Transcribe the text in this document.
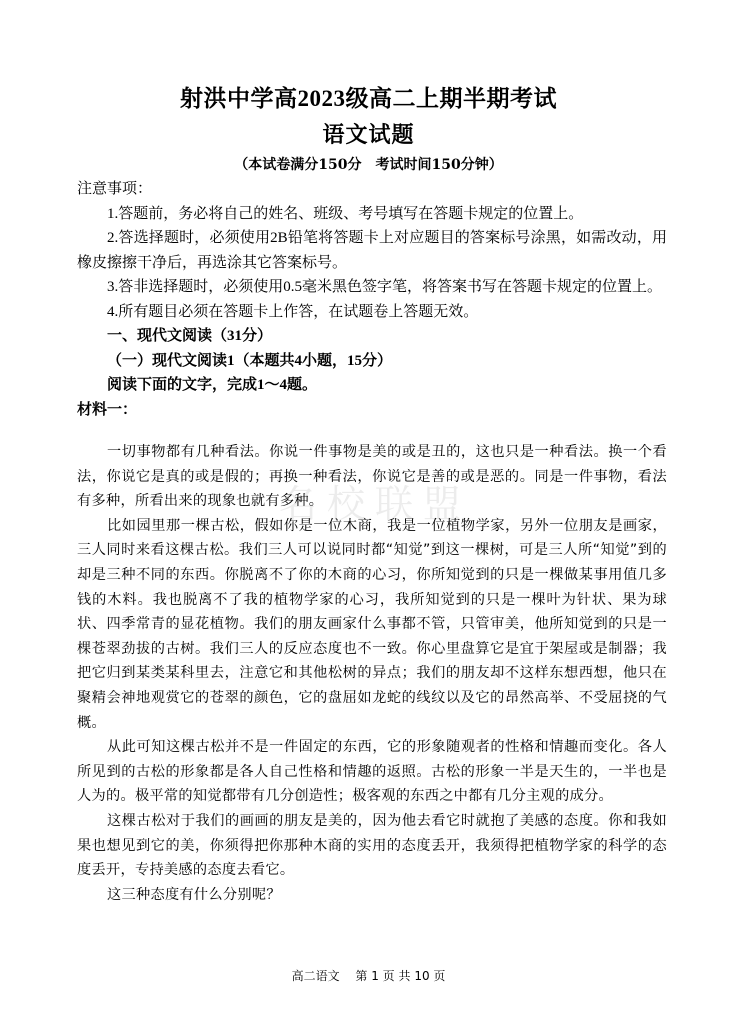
射洪中学高2023级高二上期半期考试
语文试题
（本试卷满分150分　考试时间150分钟）

注意事项：

1.答题前，务必将自己的姓名、班级、考号填写在答题卡规定的位置上。

2.答选择题时，必须使用2B铅笔将答题卡上对应题目的答案标号涂黑，如需改动，用橡皮擦擦干净后，再选涂其它答案标号。

3.答非选择题时，必须使用0.5毫米黑色签字笔，将答案书写在答题卡规定的位置上。

4.所有题目必须在答题卡上作答，在试题卷上答题无效。

一、现代文阅读（31分）

（一）现代文阅读1（本题共4小题，15分）

阅读下面的文字，完成1～4题。

材料一：

名校联盟

一切事物都有几种看法。你说一件事物是美的或是丑的，这也只是一种看法。换一个看法，你说它是真的或是假的；再换一种看法，你说它是善的或是恶的。同是一件事物，看法有多种，所看出来的现象也就有多种。

比如园里那一棵古松，假如你是一位木商，我是一位植物学家，另外一位朋友是画家，三人同时来看这棵古松。我们三人可以说同时都“知觉”到这一棵树，可是三人所“知觉”到的却是三种不同的东西。你脱离不了你的木商的心习，你所知觉到的只是一棵做某事用值几多钱的木料。我也脱离不了我的植物学家的心习，我所知觉到的只是一棵叶为针状、果为球状、四季常青的显花植物。我们的朋友画家什么事都不管，只管审美，他所知觉到的只是一棵苍翠劲拔的古树。我们三人的反应态度也不一致。你心里盘算它是宜于架屋或是制器；我把它归到某类某科里去，注意它和其他松树的异点；我们的朋友却不这样东想西想，他只在聚精会神地观赏它的苍翠的颜色，它的盘屈如龙蛇的线纹以及它的昂然高举、不受屈挠的气概。

从此可知这棵古松并不是一件固定的东西，它的形象随观者的性格和情趣而变化。各人所见到的古松的形象都是各人自己性格和情趣的返照。古松的形象一半是天生的，一半也是人为的。极平常的知觉都带有几分创造性；极客观的东西之中都有几分主观的成分。

这棵古松对于我们的画画的朋友是美的，因为他去看它时就抱了美感的态度。你和我如果也想见到它的美，你须得把你那种木商的实用的态度丢开，我须得把植物学家的科学的态度丢开，专持美感的态度去看它。

这三种态度有什么分别呢？

高二语文 第 1 页 共 10 页
